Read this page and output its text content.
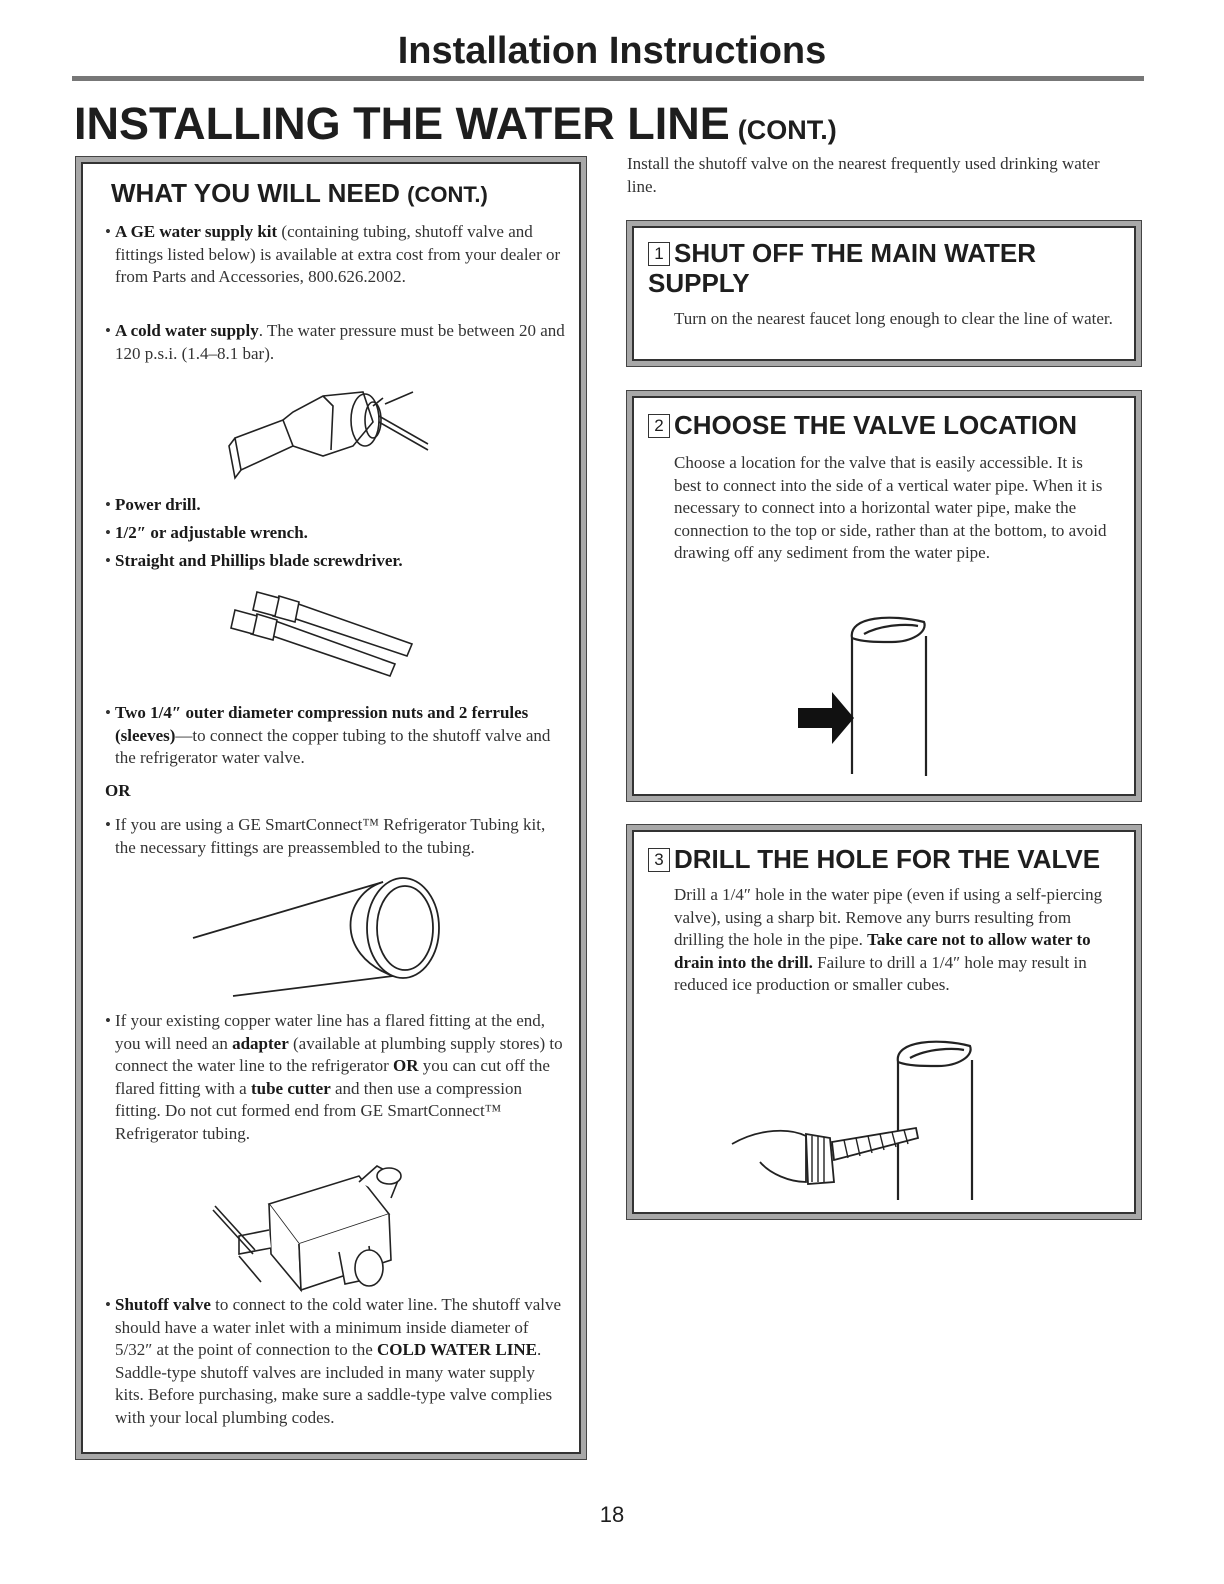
Installation Instructions
INSTALLING THE WATER LINE (CONT.)
WHAT YOU WILL NEED (CONT.)
• A GE water supply kit (containing tubing, shutoff valve and fittings listed below) is available at extra cost from your dealer or from Parts and Accessories, 800.626.2002.
• A cold water supply. The water pressure must be between 20 and 120 p.s.i. (1.4–8.1 bar).
• Power drill.
• 1/2″ or adjustable wrench.
• Straight and Phillips blade screwdriver.
• Two 1/4″ outer diameter compression nuts and 2 ferrules (sleeves)—to connect the copper tubing to the shutoff valve and the refrigerator water valve.
OR
• If you are using a GE SmartConnect™ Refrigerator Tubing kit, the necessary fittings are preassembled to the tubing.
• If your existing copper water line has a flared fitting at the end, you will need an adapter (available at plumbing supply stores) to connect the water line to the refrigerator OR you can cut off the flared fitting with a tube cutter and then use a compression fitting. Do not cut formed end from GE SmartConnect™ Refrigerator tubing.
• Shutoff valve to connect to the cold water line. The shutoff valve should have a water inlet with a minimum inside diameter of 5/32″ at the point of connection to the COLD WATER LINE. Saddle-type shutoff valves are included in many water supply kits. Before purchasing, make sure a saddle-type valve complies with your local plumbing codes.
Install the shutoff valve on the nearest frequently used drinking water line.
1 SHUT OFF THE MAIN WATER SUPPLY
Turn on the nearest faucet long enough to clear the line of water.
2 CHOOSE THE VALVE LOCATION
Choose a location for the valve that is easily accessible. It is best to connect into the side of a vertical water pipe. When it is necessary to connect into a horizontal water pipe, make the connection to the top or side, rather than at the bottom, to avoid drawing off any sediment from the water pipe.
3 DRILL THE HOLE FOR THE VALVE
Drill a 1/4″ hole in the water pipe (even if using a self-piercing valve), using a sharp bit. Remove any burrs resulting from drilling the hole in the pipe. Take care not to allow water to drain into the drill. Failure to drill a 1/4″ hole may result in reduced ice production or smaller cubes.
18
